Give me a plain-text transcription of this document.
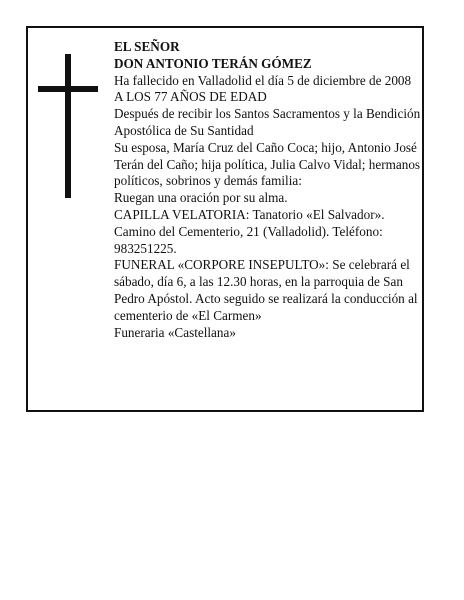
EL SEÑOR

DON ANTONIO TERÁN GÓMEZ

Ha fallecido en Valladolid el día 5 de diciembre de 2008

A LOS 77 AÑOS DE EDAD

Después de recibir los Santos Sacramentos y la Bendición Apostólica de Su Santidad

Su esposa, María Cruz del Caño Coca; hijo, Antonio José Terán del Caño; hija política, Julia Calvo Vidal; hermanos políticos, sobrinos y demás familia:

Ruegan una oración por su alma.

CAPILLA VELATORIA: Tanatorio «El Salvador». Camino del Cementerio, 21 (Valladolid). Teléfono: 983251225.

FUNERAL «CORPORE INSEPULTO»: Se celebrará el sábado, día 6, a las 12.30 horas, en la parroquia de San Pedro Apóstol. Acto seguido se realizará la conducción al cementerio de «El Carmen»

Funeraria «Castellana»
